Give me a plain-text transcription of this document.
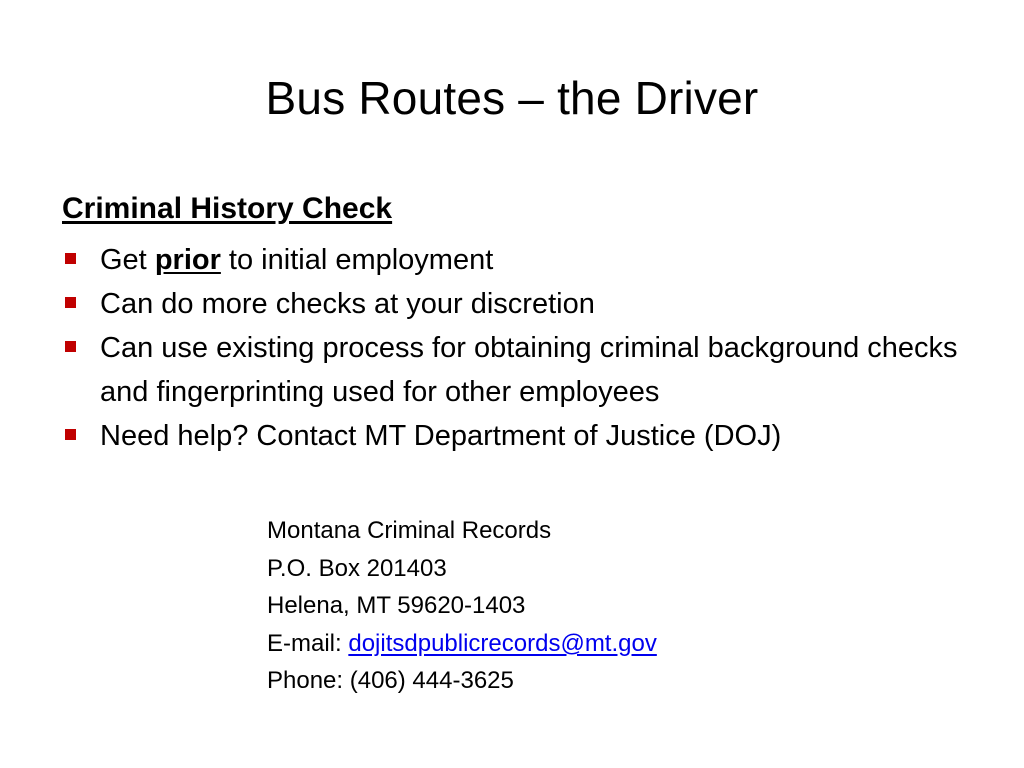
Bus Routes – the Driver
Criminal History Check
Get prior to initial employment
Can do more checks at your discretion
Can use existing process for obtaining criminal background checks and fingerprinting used for other employees
Need help? Contact MT Department of Justice (DOJ)
Montana Criminal Records
P.O. Box 201403
Helena, MT 59620-1403
E-mail: dojitsdpublicrecords@mt.gov
Phone: (406) 444-3625
